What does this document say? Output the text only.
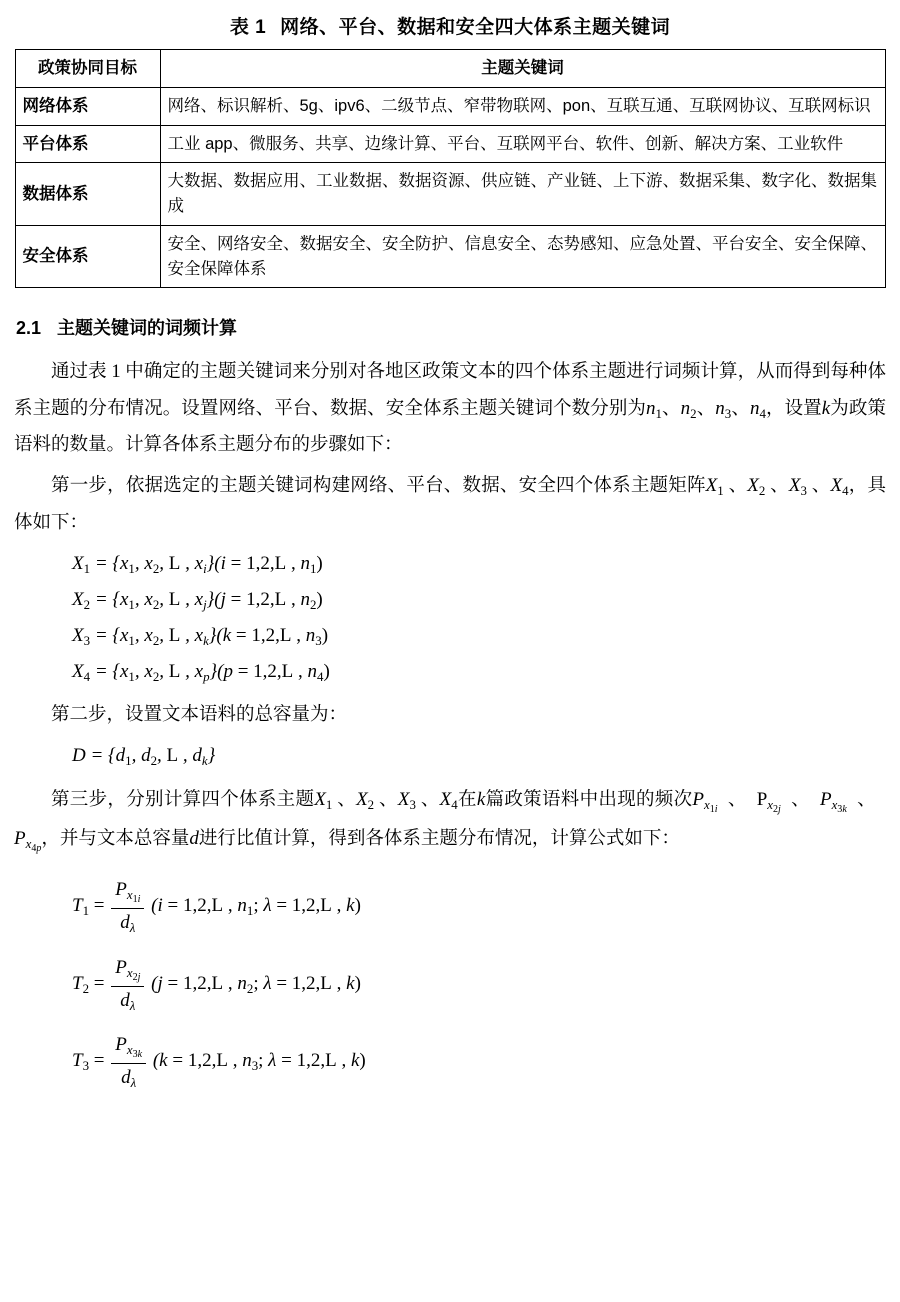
表 1 网络、平台、数据和安全四大体系主题关键词
政策协同目标	主题关键词
网络体系	网络、标识解析、5g、ipv6、二级节点、窄带物联网、pon、互联互通、互联网协议、互联网标识
平台体系	工业 app、微服务、共享、边缘计算、平台、互联网平台、软件、创新、解决方案、工业软件
数据体系	大数据、数据应用、工业数据、数据资源、供应链、产业链、上下游、数据采集、数字化、数据集成
安全体系	安全、网络安全、数据安全、安全防护、信息安全、态势感知、应急处置、平台安全、安全保障、安全保障体系
2.1 主题关键词的词频计算

通过表 1 中确定的主题关键词来分别对各地区政策文本的四个体系主题进行词频计算，从而得到每种体系主题的分布情况。设置网络、平台、数据、安全体系主题关键词个数分别为$n_1$、$n_2$、$n_3$、$n_4$，设置k为政策语料的数量。计算各体系主题分布的步骤如下：

第一步，依据选定的主题关键词构建网络、平台、数据、安全四个体系主题矩阵$X_1$ 、$X_2$ 、$X_3$ 、$X_4$，具体如下：

$X_1 = \{x_1$, $x_2$, L , $x_i\}(i = 1,2,L$ , $n_1$)
$X_2 = \{x_1$, $x_2$, L , $x_j\}(j = 1,2,L$ , $n_2$)
$X_3 = \{x_1$, $x_2$, L , $x_k\}(k = 1,2,L$ , $n_3$)
$X_4 = \{x_1$, $x_2$, L , $x_p\}(p = 1,2,L$ , $n_4$)

第二步，设置文本语料的总容量为：

$D = \{d_1$, $d_2$, L , $d_k$}

第三步，分别计算四个体系主题$X_1$ 、$X_2$ 、$X_3$ 、$X_4$在k篇政策语料中出现的频次$P_{x_{1i}}$ 、 $P_{x_{2j}}$ 、 $P_{x_{3k}}$ 、$P_{x_{4p}}$，并与文本总容量d进行比值计算，得到各体系主题分布情况，计算公式如下：

$T_1 = \frac{P_{x_{1i}}}{d_\lambda} (i = 1,2,L$ , $n_1$; λ = 1,2,L , k)
$T_2 = \frac{P_{x_{2j}}}{d_\lambda} (j = 1,2,L$ , $n_2$; λ = 1,2,L , k)
$T_3 = \frac{P_{x_{3k}}}{d_\lambda} (k = 1,2,L$ , $n_3$; λ = 1,2,L , k)
